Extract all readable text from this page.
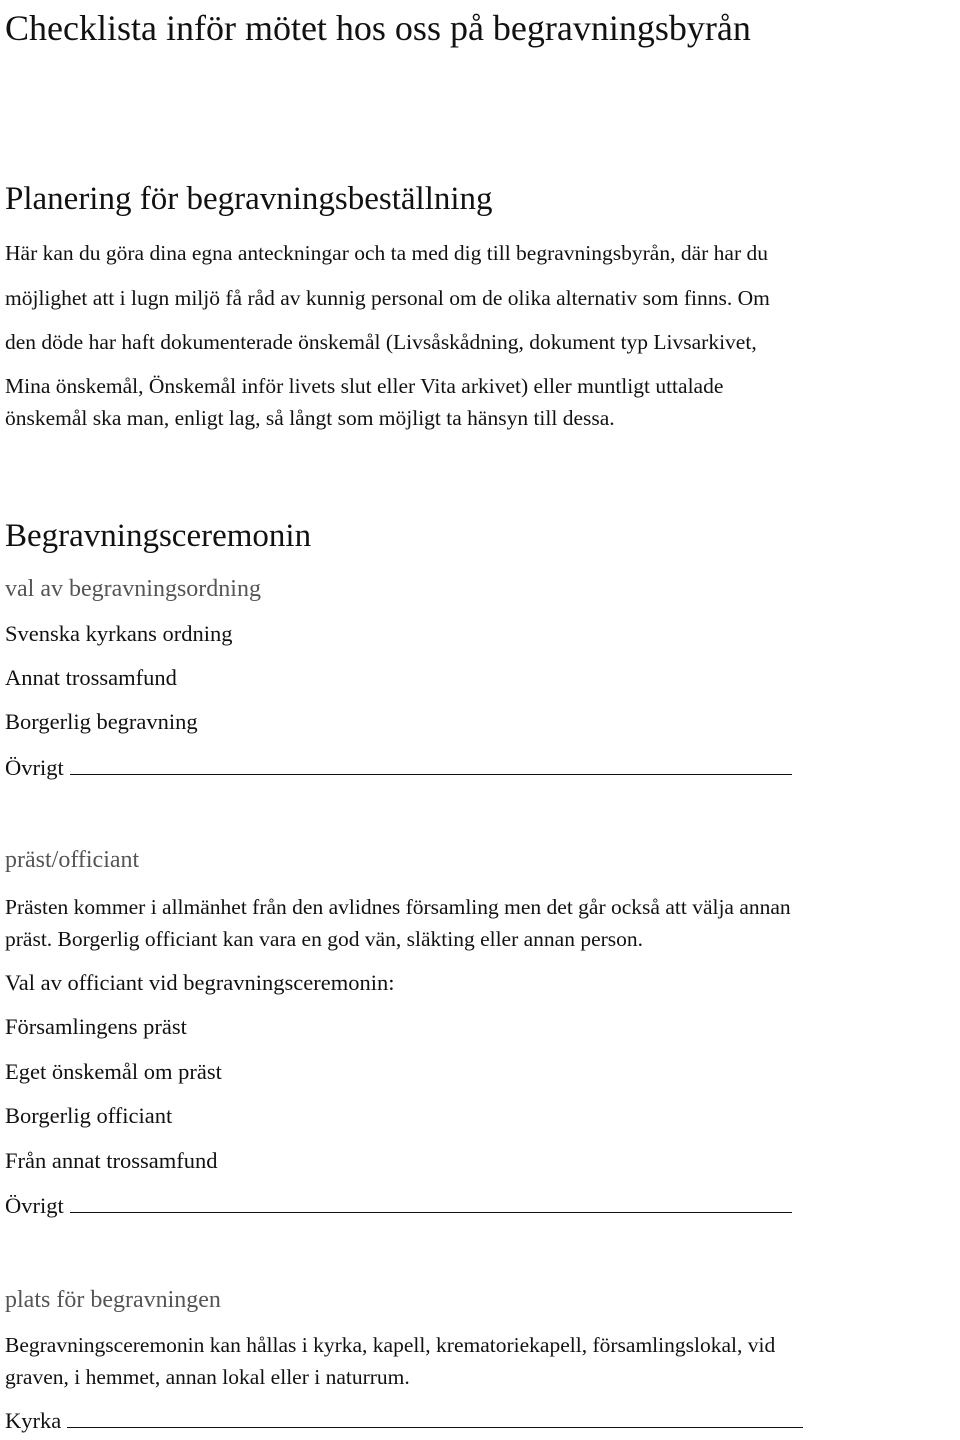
Checklista inför mötet hos oss på begravningsbyrån
Planering för begravningsbeställning

Här kan du göra dina egna anteckningar och ta med dig till begravningsbyrån, där har du

möjlighet att i lugn miljö få råd av kunnig personal om de olika alternativ som finns. Om

den döde har haft dokumenterade önskemål (Livsåskådning, dokument typ Livsarkivet,

Mina önskemål, Önskemål inför livets slut eller Vita arkivet) eller muntligt uttalade

önskemål ska man, enligt lag, så långt som möjligt ta hänsyn till dessa.

Begravningsceremonin
val av begravningsordning
Svenska kyrkans ordning
Annat trossamfund
Borgerlig begravning
Övrigt
präst/officiant

Prästen kommer i allmänhet från den avlidnes församling men det går också att välja annan

präst. Borgerlig officiant kan vara en god vän, släkting eller annan person.

Val av officiant vid begravningsceremonin:
Församlingens präst
Eget önskemål om präst
Borgerlig officiant
Från annat trossamfund
Övrigt
plats för begravningen

Begravningsceremonin kan hållas i kyrka, kapell, krematoriekapell, församlingslokal, vid

graven, i hemmet, annan lokal eller i naturrum.

Kyrka
